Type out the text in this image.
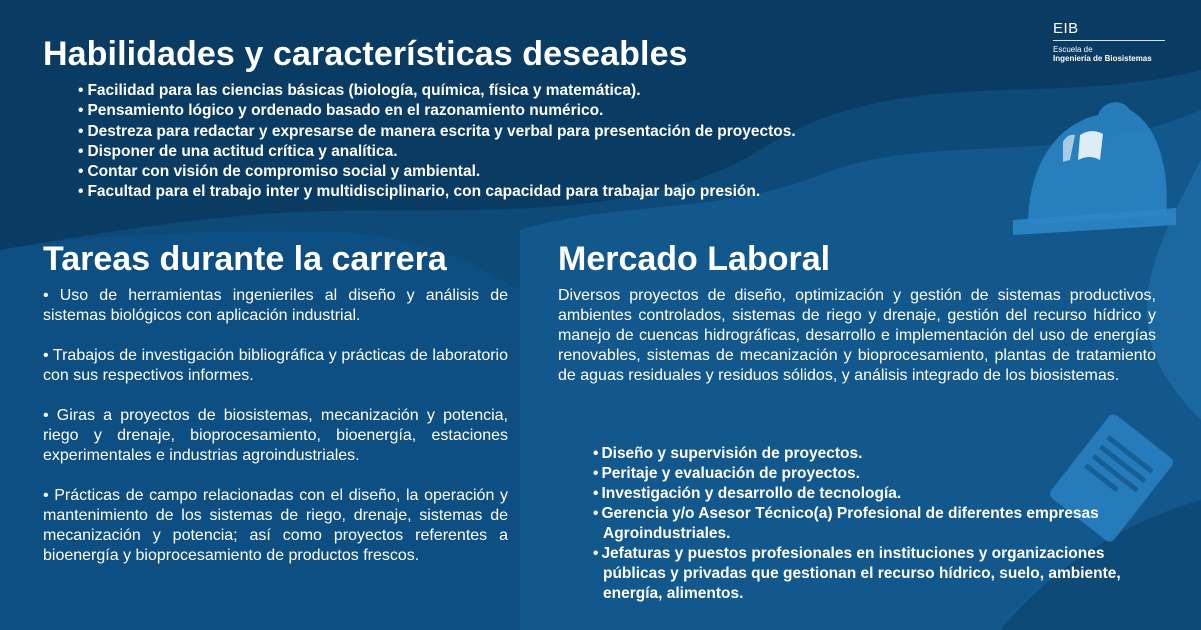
EIB
Escuela de
Ingeniería de Biosistemas
Habilidades y características deseables
• Facilidad para las ciencias básicas (biología, química, física y matemática).
• Pensamiento lógico y ordenado basado en el razonamiento numérico.
• Destreza para redactar y expresarse de manera escrita y verbal para presentación de proyectos.
• Disponer de una actitud crítica y analítica.
• Contar con visión de compromiso social y ambiental.
• Facultad para el trabajo inter y multidisciplinario, con capacidad para trabajar bajo presión.
Tareas durante la carrera

• Uso de herramientas ingenieriles al diseño y análisis de sistemas biológicos con aplicación industrial.

• Trabajos de investigación bibliográfica y prácticas de laboratorio con sus respectivos informes.

• Giras a proyectos de biosistemas, mecanización y potencia, riego y drenaje, bioprocesamiento, bioenergía, estaciones experimentales e industrias agroindustriales.

• Prácticas de campo relacionadas con el diseño, la operación y mantenimiento de los sistemas de riego, drenaje, sistemas de mecanización y potencia; así como proyectos referentes a bioenergía y bioprocesamiento de productos frescos.

Mercado Laboral
Diversos proyectos de diseño, optimización y gestión de sistemas productivos, ambientes controlados, sistemas de riego y drenaje, gestión del recurso hídrico y manejo de cuencas hidrográficas, desarrollo e implementación del uso de energías renovables, sistemas de mecanización y bioprocesamiento, plantas de tratamiento de aguas residuales y residuos sólidos, y análisis integrado de los biosistemas.
• Diseño y supervisión de proyectos.
• Peritaje y evaluación de proyectos.
• Investigación y desarrollo de tecnología.
• Gerencia y/o Asesor Técnico(a) Profesional de diferentes empresas Agroindustriales.
• Jefaturas y puestos profesionales en instituciones y organizaciones públicas y privadas que gestionan el recurso hídrico, suelo, ambiente, energía, alimentos.
